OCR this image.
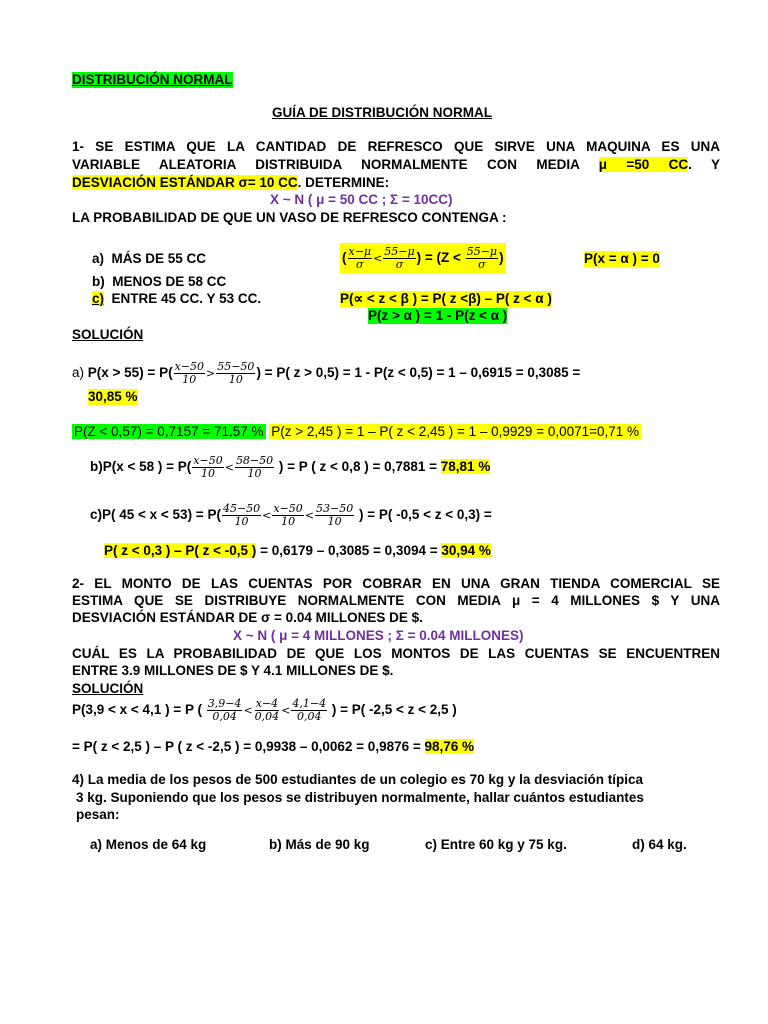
DISTRIBUCIÓN NORMAL
GUÍA DE DISTRIBUCIÓN NORMAL
1- SE ESTIMA QUE LA CANTIDAD DE REFRESCO QUE SIRVE UNA MAQUINA ES UNA
VARIABLE ALEATORIA DISTRIBUIDA NORMALMENTE CON MEDIA μ =50 CC. Y
DESVIACIÓN ESTÁNDAR σ= 10 CC. DETERMINE:
X ~ N ( μ = 50 CC ; Σ = 10CC)
LA PROBABILIDAD DE QUE UN VASO DE REFRESCO CONTENGA :
a) MÁS DE 55 CC
b) MENOS DE 58 CC
c) ENTRE 45 CC. Y 53 CC.
( $\frac{x-\mu}{\sigma} < \frac{55-\mu}{\sigma}$ ) = ($Z < \frac{55-\mu}{\sigma}$ )	P(x = α ) = 0
P(∝ < z < β ) = P( z <β) – P( z < α )
P(z > α ) = 1 - P(z < α )
SOLUCIÓN
a) $P(x > 55) = P( \frac{x-50}{10} > \frac{55-50}{10}$ ) = P( z > 0,5) = 1 - P(z < 0,5) = 1 – 0,6915 = 0,3085 =
30,85 %
P(Z < 0,57) = 0,7157 = 71,57 % P(z > 2,45 ) = 1 – P( z < 2,45 ) = 1 – 0,9929 = 0,0071=0,71 %
b)P(x < 58 ) = $P( \frac{x-50}{10} < \frac{58-50}{10}$ ) = P ( z < 0,8 ) = 0,7881 = 78,81 %
c)P( $45 < x < 53) = P( \frac{45-50}{10} < \frac{x-50}{10} < \frac{53-50}{10}$ ) = P( -0,5 < z < 0,3) =
P( z < 0,3 ) – P( z < -0,5 ) = 0,6179 – 0,3085 = 0,3094 = 30,94 %
2- EL MONTO DE LAS CUENTAS POR COBRAR EN UNA GRAN TIENDA COMERCIAL SE
ESTIMA QUE SE DISTRIBUYE NORMALMENTE CON MEDIA μ = 4 MILLONES $ Y UNA
DESVIACIÓN ESTÁNDAR DE σ = 0.04 MILLONES DE $.
X ~ N ( μ = 4 MILLONES ; Σ = 0.04 MILLONES)
CUÁL ES LA PROBABILIDAD DE QUE LOS MONTOS DE LAS CUENTAS SE ENCUENTREN
ENTRE 3.9 MILLONES DE $ Y 4.1 MILLONES DE $.
SOLUCIÓN
P(3,9 < x < 4,1 ) = P ( $\frac{3,9-4}{0,04} < \frac{x-4}{0,04} < \frac{4,1-4}{0,04}$ ) = P( -2,5 < z < 2,5 )
= P( z < 2,5 ) – P ( z < -2,5 ) = 0,9938 – 0,0062 = 0,9876 = 98,76 %
4) La media de los pesos de 500 estudiantes de un colegio es 70 kg y la desviación típica
3 kg. Suponiendo que los pesos se distribuyen normalmente, hallar cuántos estudiantes
pesan:
a) Menos de 64 kg	b) Más de 90 kg	c) Entre 60 kg y 75 kg.	d) 64 kg.
